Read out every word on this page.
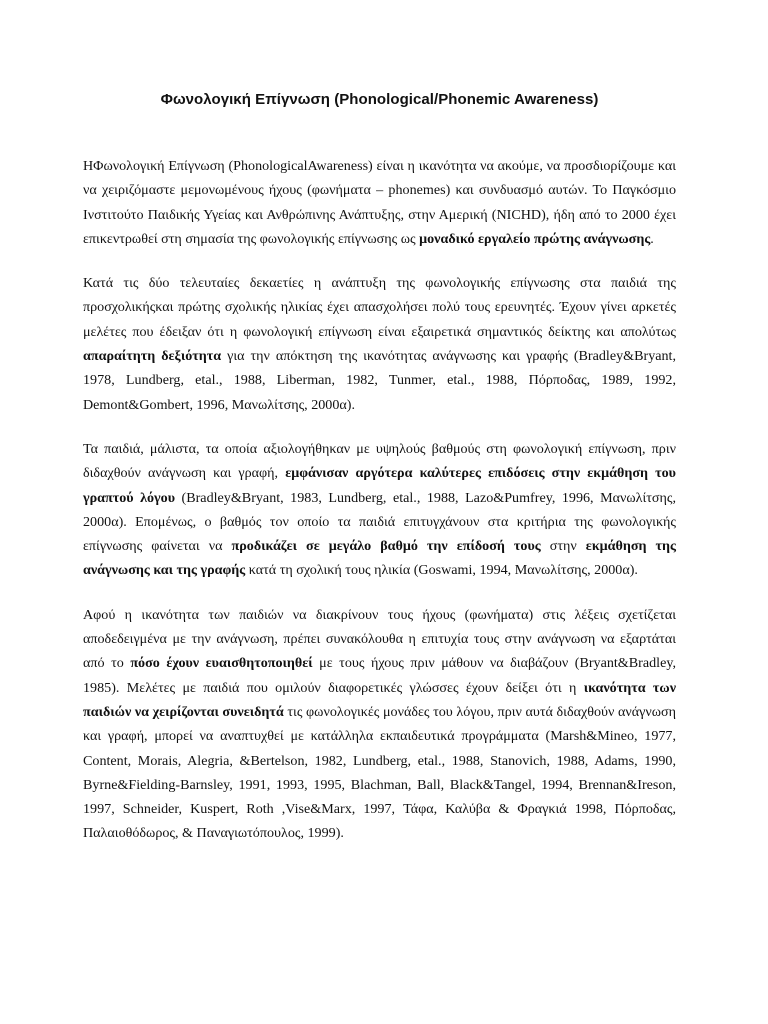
Φωνολογική Επίγνωση (Phonological/Phonemic Awareness)

ΗΦωνολογική Επίγνωση (PhonologicalAwareness) είναι η ικανότητα να ακούμε, να προσδιορίζουμε και να χειριζόμαστε μεμονωμένους ήχους (φωνήματα – phonemes) και συνδυασμό αυτών. Το Παγκόσμιο Ινστιτούτο Παιδικής Υγείας και Ανθρώπινης Ανάπτυξης, στην Αμερική (NICHD), ήδη από το 2000 έχει επικεντρωθεί στη σημασία της φωνολογικής επίγνωσης ως μοναδικό εργαλείο πρώτης ανάγνωσης.

Κατά τις δύο τελευταίες δεκαετίες η ανάπτυξη της φωνολογικής επίγνωσης στα παιδιά της προσχολικήςκαι πρώτης σχολικής ηλικίας έχει απασχολήσει πολύ τους ερευνητές. Έχουν γίνει αρκετές μελέτες που έδειξαν ότι η φωνολογική επίγνωση είναι εξαιρετικά σημαντικός δείκτης και απολύτως απαραίτητη δεξιότητα για την απόκτηση της ικανότητας ανάγνωσης και γραφής (Bradley&Bryant, 1978, Lundberg, etal., 1988, Liberman, 1982, Tunmer, etal., 1988, Πόρποδας, 1989, 1992, Demont&Gombert, 1996, Μανωλίτσης, 2000α).

Τα παιδιά, μάλιστα, τα οποία αξιολογήθηκαν με υψηλούς βαθμούς στη φωνολογική επίγνωση, πριν διδαχθούν ανάγνωση και γραφή, εμφάνισαν αργότερα καλύτερες επιδόσεις στην εκμάθηση του γραπτού λόγου (Bradley&Bryant, 1983, Lundberg, etal., 1988, Lazo&Pumfrey, 1996, Μανωλίτσης, 2000α). Επομένως, ο βαθμός τον οποίο τα παιδιά επιτυγχάνουν στα κριτήρια της φωνολογικής επίγνωσης φαίνεται να προδικάζει σε μεγάλο βαθμό την επίδοσή τους στην εκμάθηση της ανάγνωσης και της γραφής κατά τη σχολική τους ηλικία (Goswami, 1994, Μανωλίτσης, 2000α).

Αφού η ικανότητα των παιδιών να διακρίνουν τους ήχους (φωνήματα) στις λέξεις σχετίζεται αποδεδειγμένα με την ανάγνωση, πρέπει συνακόλουθα η επιτυχία τους στην ανάγνωση να εξαρτάται από το πόσο έχουν ευαισθητοποιηθεί με τους ήχους πριν μάθουν να διαβάζουν (Bryant&Bradley, 1985). Μελέτες με παιδιά που ομιλούν διαφορετικές γλώσσες έχουν δείξει ότι η ικανότητα των παιδιών να χειρίζονται συνειδητά τις φωνολογικές μονάδες του λόγου, πριν αυτά διδαχθούν ανάγνωση και γραφή, μπορεί να αναπτυχθεί με κατάλληλα εκπαιδευτικά προγράμματα (Marsh&Mineo, 1977, Content, Morais, Alegria, &Bertelson, 1982, Lundberg, etal., 1988, Stanovich, 1988, Adams, 1990, Byrne&Fielding-Barnsley, 1991, 1993, 1995, Blachman, Ball, Black&Tangel, 1994, Brennan&Ireson, 1997, Schneider, Kuspert, Roth ,Vise&Marx, 1997, Τάφα, Καλύβα & Φραγκιά 1998, Πόρποδας, Παλαιοθόδωρος, & Παναγιωτόπουλος, 1999).
